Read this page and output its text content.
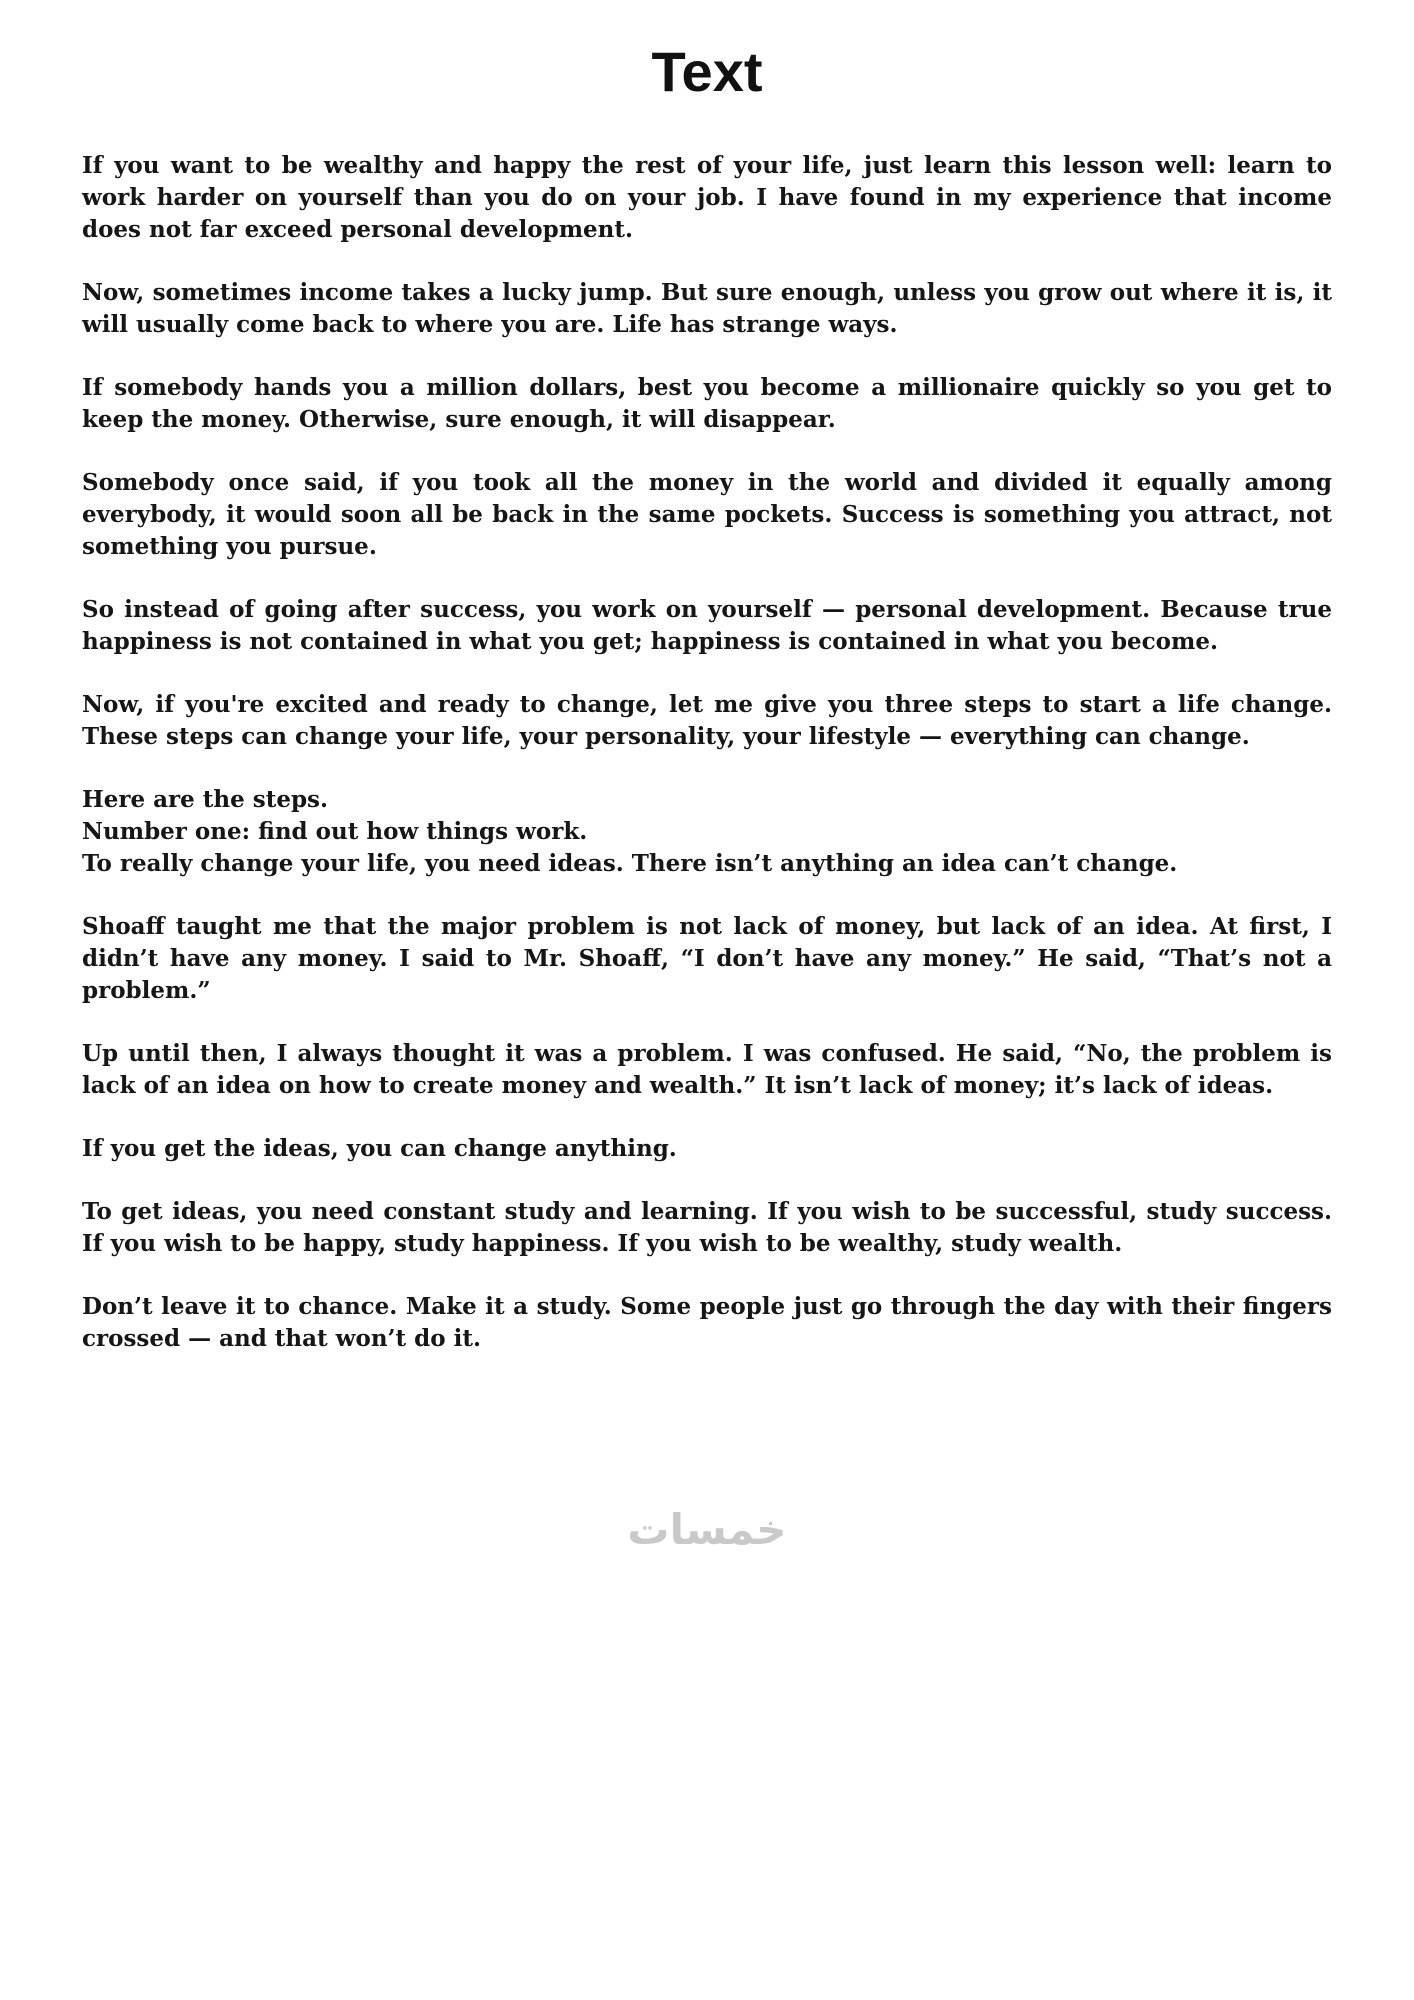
Text

If you want to be wealthy and happy the rest of your life, just learn this lesson well: learn to work harder on yourself than you do on your job. I have found in my experience that income does not far exceed personal development.

Now, sometimes income takes a lucky jump. But sure enough, unless you grow out where it is, it will usually come back to where you are. Life has strange ways.

If somebody hands you a million dollars, best you become a millionaire quickly so you get to keep the money. Otherwise, sure enough, it will disappear.

Somebody once said, if you took all the money in the world and divided it equally among everybody, it would soon all be back in the same pockets. Success is something you attract, not something you pursue.

So instead of going after success, you work on yourself — personal development. Because true happiness is not contained in what you get; happiness is contained in what you become.

Now, if you're excited and ready to change, let me give you three steps to start a life change. These steps can change your life, your personality, your lifestyle — everything can change.

Here are the steps.
Number one: find out how things work.
To really change your life, you need ideas. There isn’t anything an idea can’t change.

Shoaff taught me that the major problem is not lack of money, but lack of an idea. At first, I didn’t have any money. I said to Mr. Shoaff, “I don’t have any money.” He said, “That’s not a problem.”

Up until then, I always thought it was a problem. I was confused. He said, “No, the problem is lack of an idea on how to create money and wealth.” It isn’t lack of money; it’s lack of ideas.

If you get the ideas, you can change anything.

To get ideas, you need constant study and learning. If you wish to be successful, study success. If you wish to be happy, study happiness. If you wish to be wealthy, study wealth.

Don’t leave it to chance. Make it a study. Some people just go through the day with their fingers crossed — and that won’t do it.

خمسات
